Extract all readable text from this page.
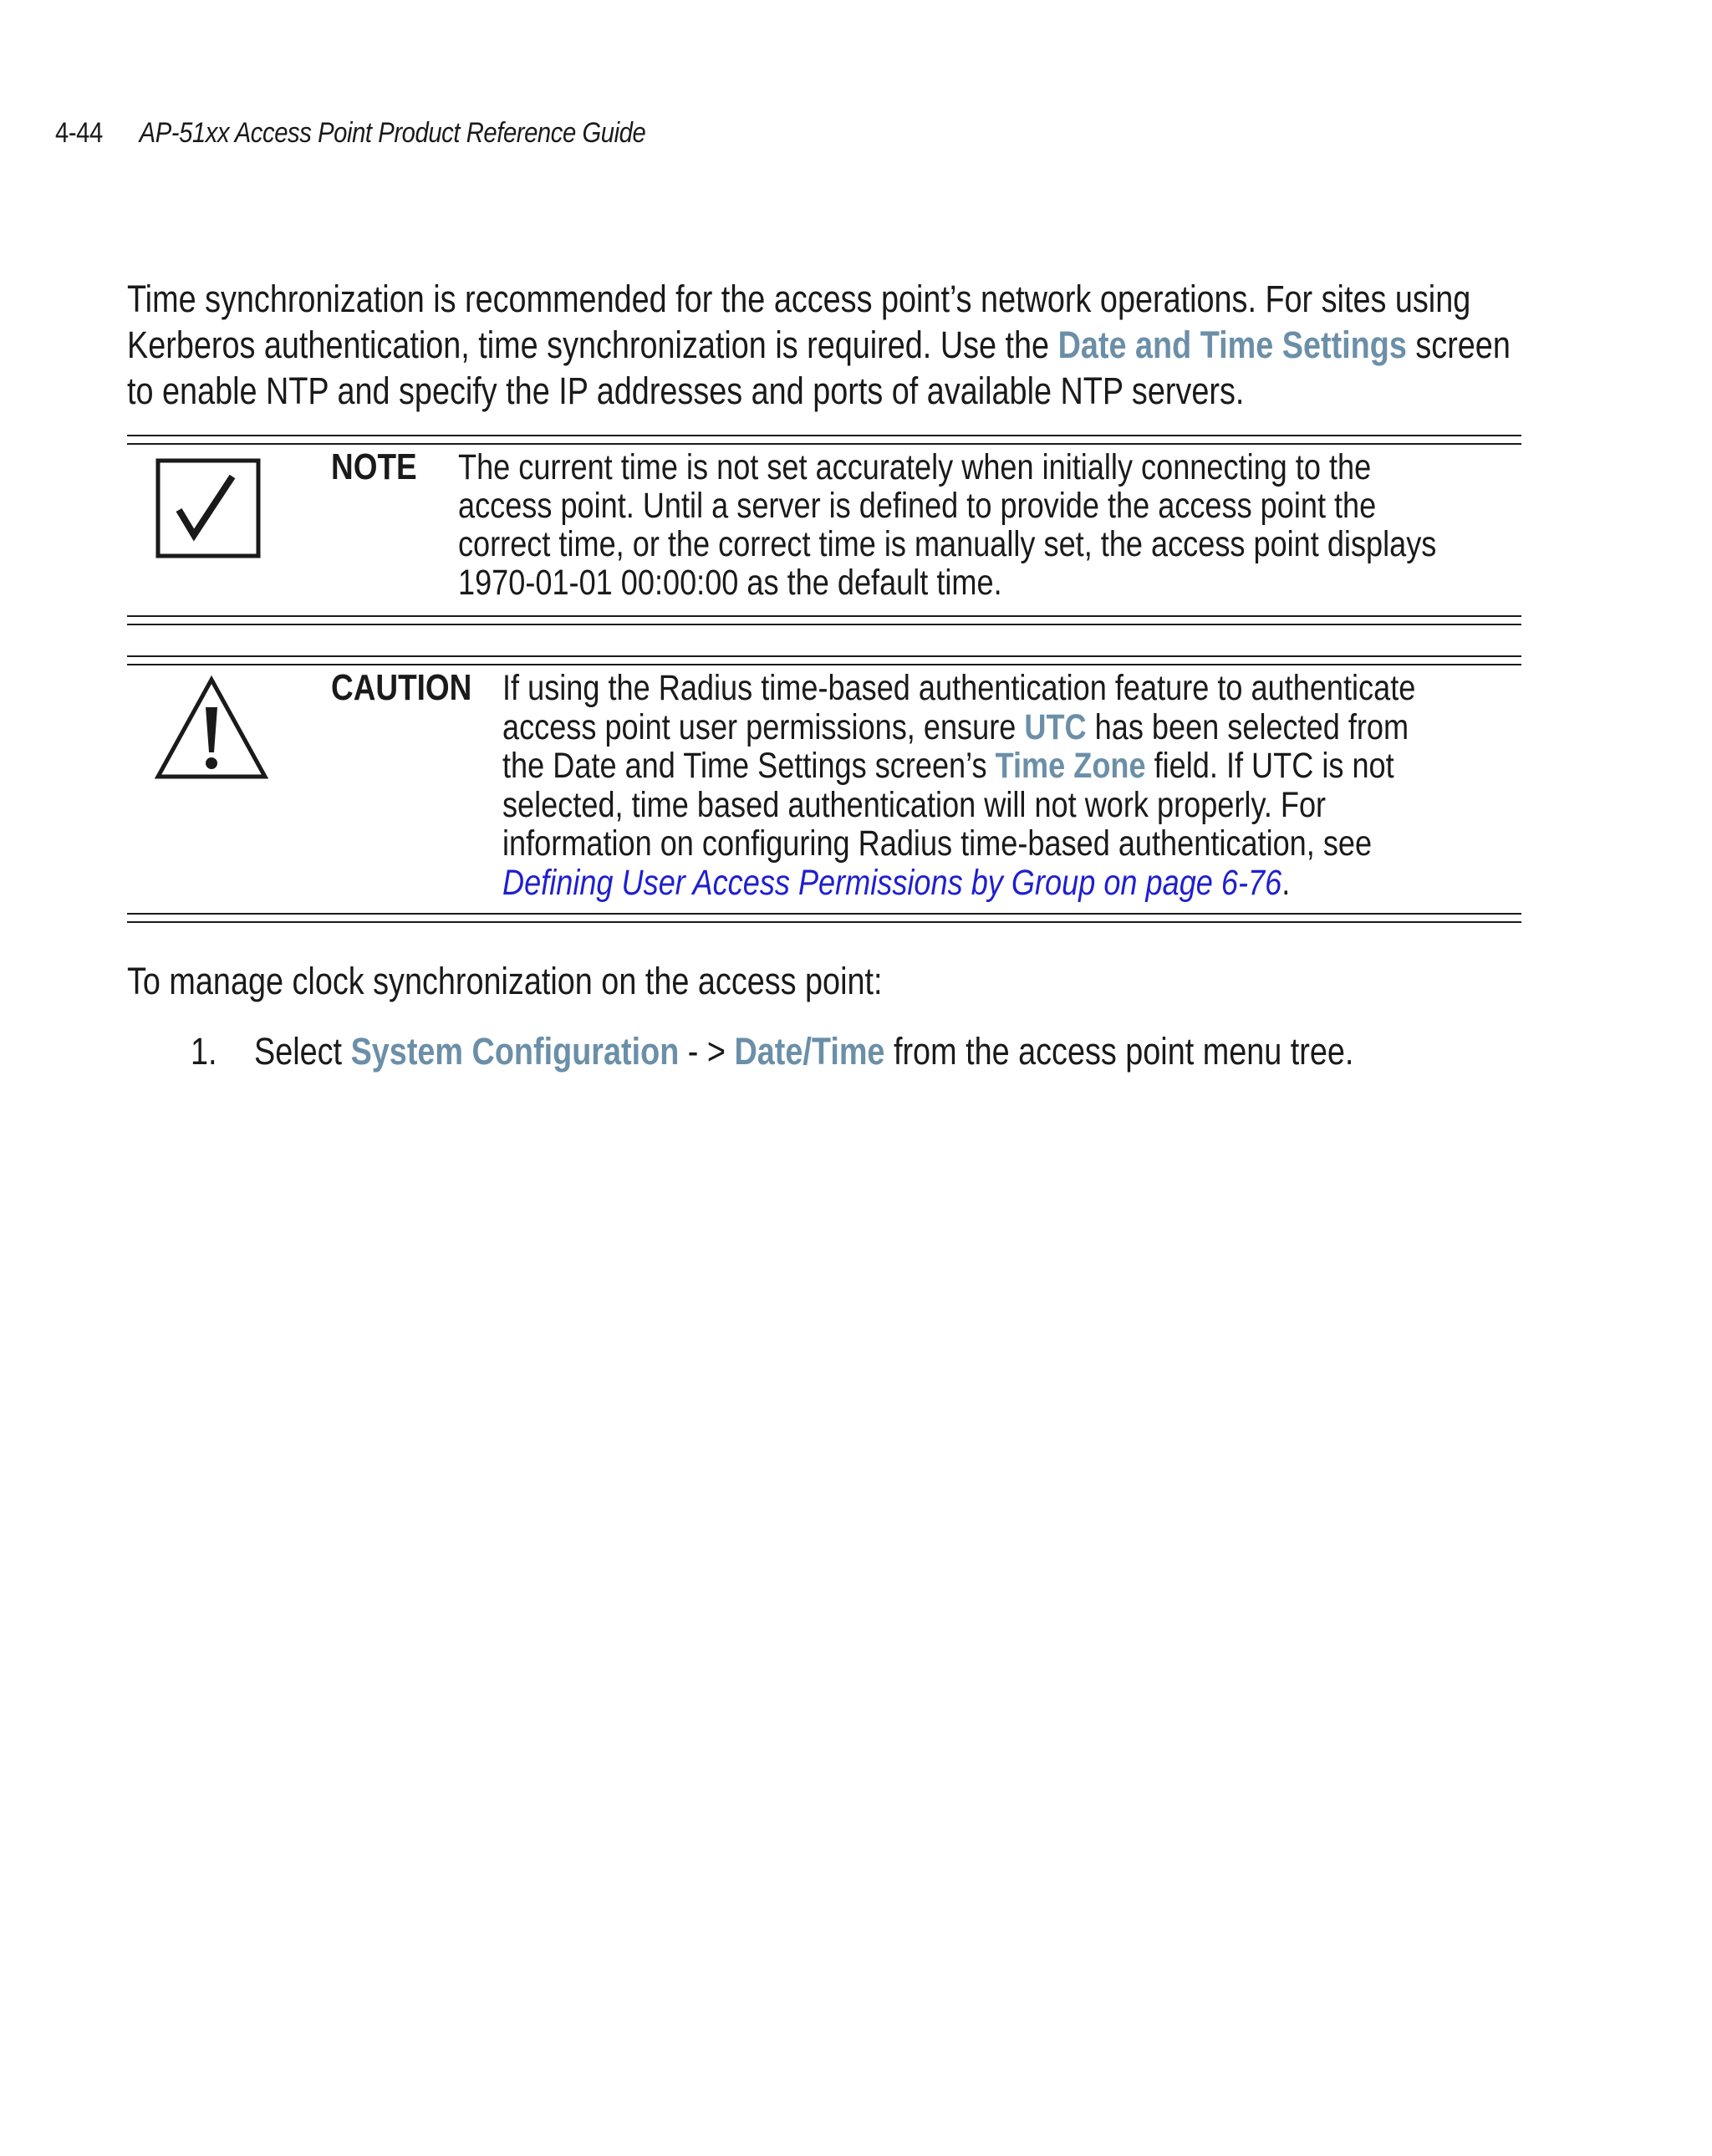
4-44 AP-51xx Access Point Product Reference Guide
Time synchronization is recommended for the access point’s network operations. For sites using
Kerberos authentication, time synchronization is required. Use the Date and Time Settings screen
to enable NTP and specify the IP addresses and ports of available NTP servers.
NOTE The current time is not set accurately when initially connecting to the
access point. Until a server is defined to provide the access point the
correct time, or the correct time is manually set, the access point displays
1970-01-01 00:00:00 as the default time.
CAUTION If using the Radius time-based authentication feature to authenticate
access point user permissions, ensure UTC has been selected from
the Date and Time Settings screen’s Time Zone field. If UTC is not
selected, time based authentication will not work properly. For
information on configuring Radius time-based authentication, see
Defining User Access Permissions by Group on page 6-76.
To manage clock synchronization on the access point:
1. Select System Configuration - > Date/Time from the access point menu tree.
